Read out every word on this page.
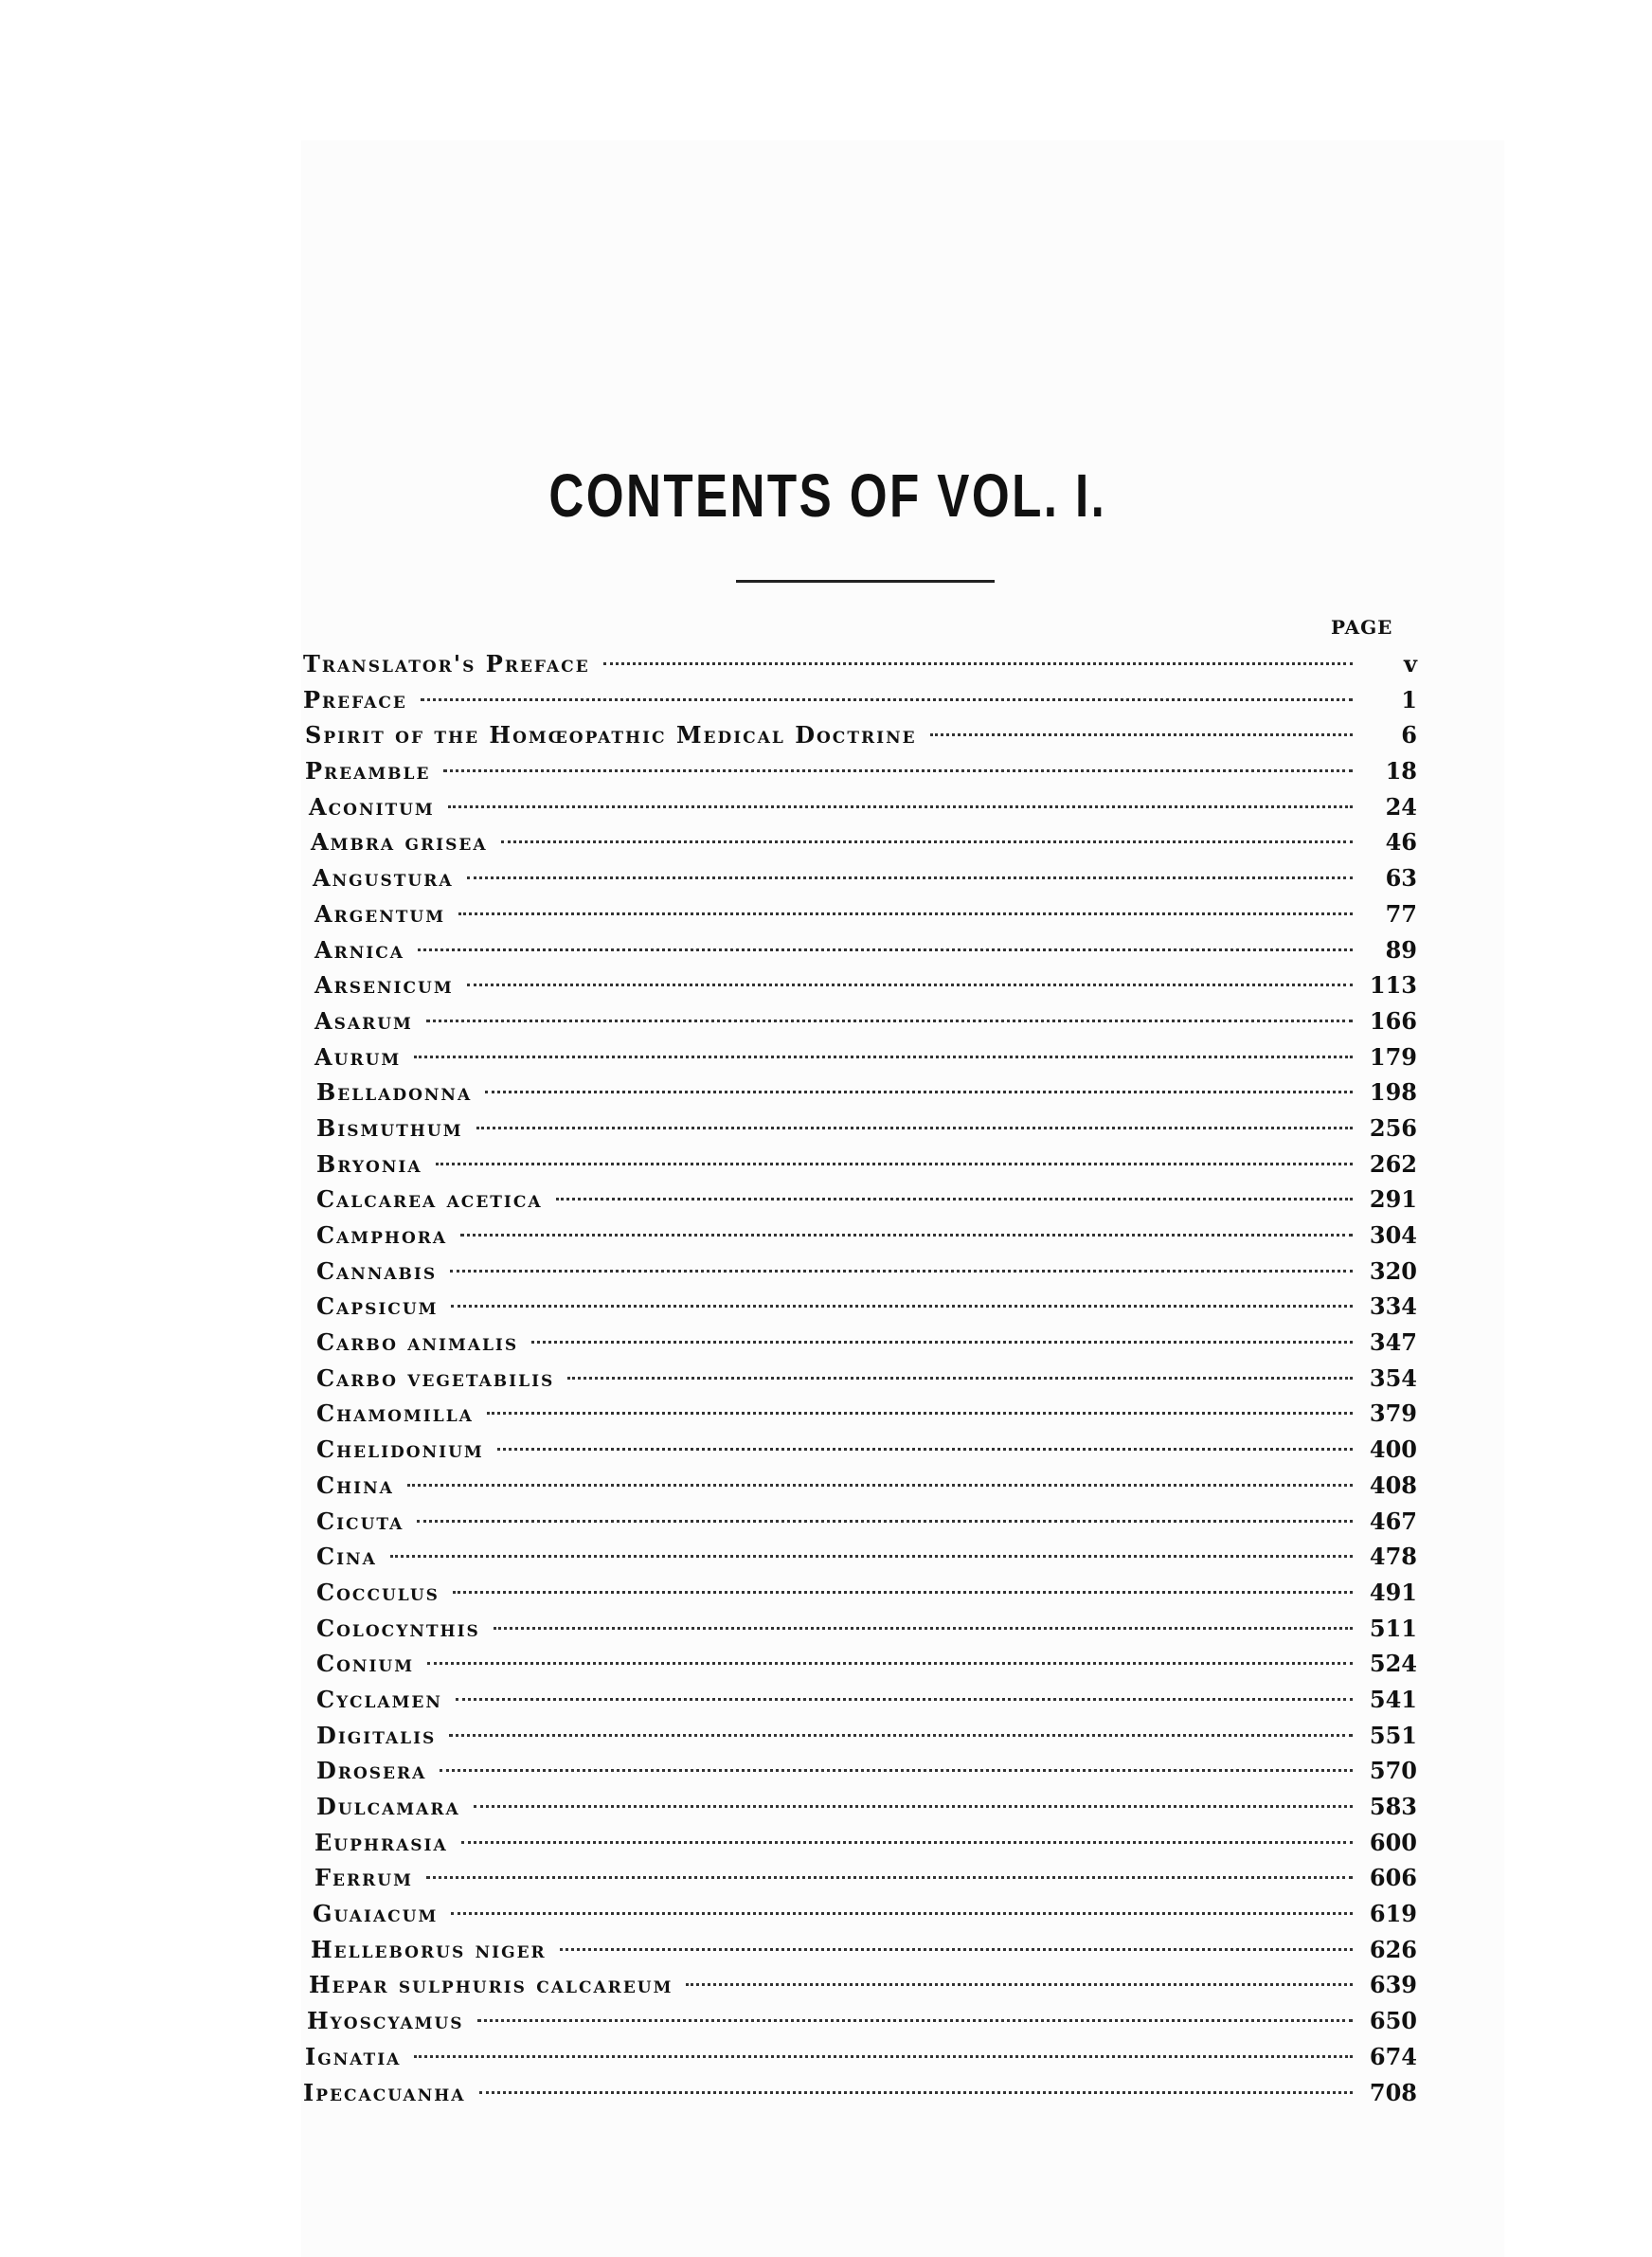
CONTENTS OF VOL. I.
PAGE
Translator's Preface	v
Preface	1
Spirit of the Homœopathic Medical Doctrine	6
Preamble	18
Aconitum	24
Ambra grisea	46
Angustura	63
Argentum	77
Arnica	89
Arsenicum	113
Asarum	166
Aurum	179
Belladonna	198
Bismuthum	256
Bryonia	262
Calcarea acetica	291
Camphora	304
Cannabis	320
Capsicum	334
Carbo animalis	347
Carbo vegetabilis	354
Chamomilla	379
Chelidonium	400
China	408
Cicuta	467
Cina	478
Cocculus	491
Colocynthis	511
Conium	524
Cyclamen	541
Digitalis	551
Drosera	570
Dulcamara	583
Euphrasia	600
Ferrum	606
Guaiacum	619
Helleborus niger	626
Hepar sulphuris calcareum	639
Hyoscyamus	650
Ignatia	674
Ipecacuanha	708
